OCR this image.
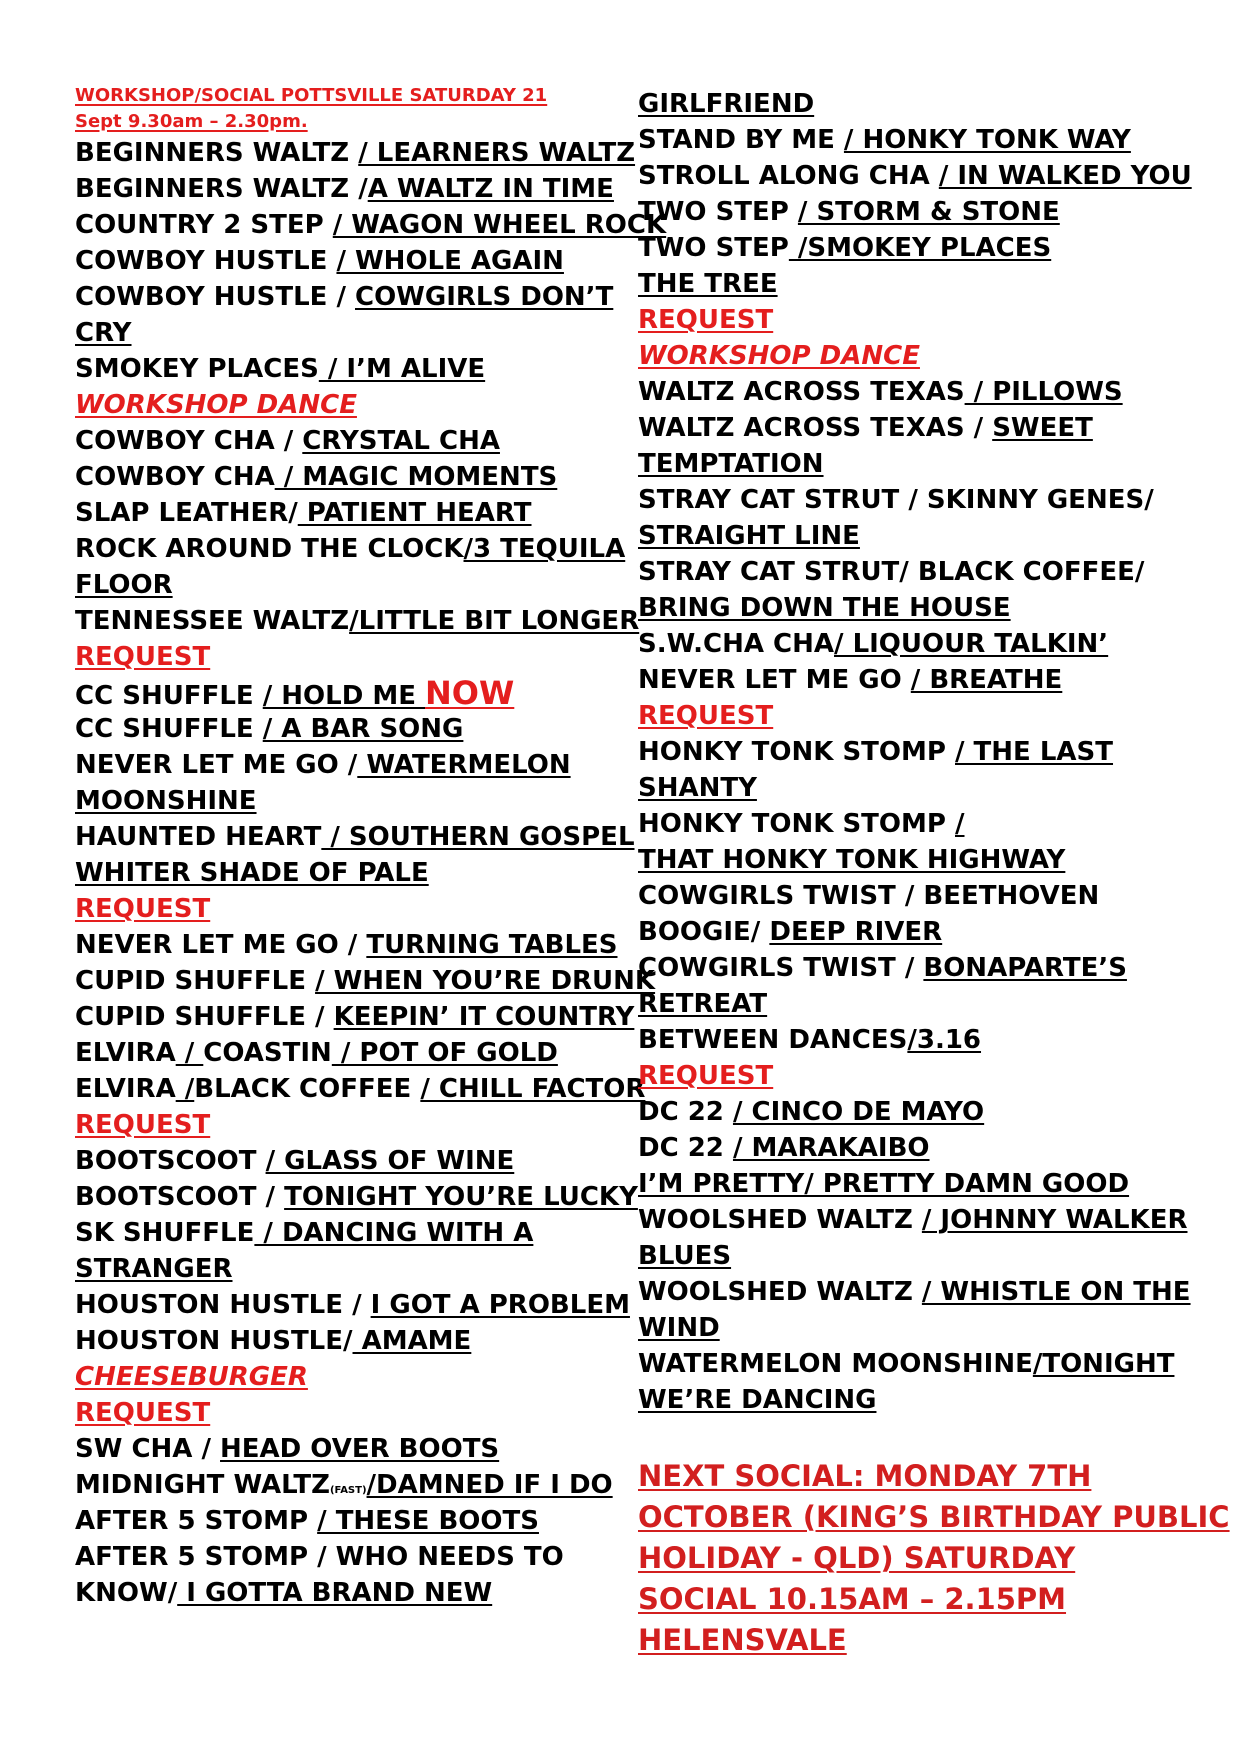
WORKSHOP/SOCIAL POTTSVILLE SATURDAY 21
Sept 9.30am – 2.30pm.
BEGINNERS WALTZ / LEARNERS WALTZ
BEGINNERS WALTZ /A WALTZ IN TIME
COUNTRY 2 STEP / WAGON WHEEL ROCK
COWBOY HUSTLE / WHOLE AGAIN
COWBOY HUSTLE / COWGIRLS DON’T
CRY
SMOKEY PLACES / I’M ALIVE
WORKSHOP DANCE
COWBOY CHA / CRYSTAL CHA
COWBOY CHA / MAGIC MOMENTS
SLAP LEATHER/ PATIENT HEART
ROCK AROUND THE CLOCK/3 TEQUILA
FLOOR
TENNESSEE WALTZ/LITTLE BIT LONGER
REQUEST
CC SHUFFLE / HOLD ME NOW
CC SHUFFLE / A BAR SONG
NEVER LET ME GO / WATERMELON
MOONSHINE
HAUNTED HEART / SOUTHERN GOSPEL
WHITER SHADE OF PALE
REQUEST
NEVER LET ME GO / TURNING TABLES
CUPID SHUFFLE / WHEN YOU’RE DRUNK
CUPID SHUFFLE / KEEPIN’ IT COUNTRY
ELVIRA / COASTIN / POT OF GOLD
ELVIRA /BLACK COFFEE / CHILL FACTOR
REQUEST
BOOTSCOOT / GLASS OF WINE
BOOTSCOOT / TONIGHT YOU’RE LUCKY
SK SHUFFLE / DANCING WITH A
STRANGER
HOUSTON HUSTLE / I GOT A PROBLEM
HOUSTON HUSTLE/ AMAME
CHEESEBURGER
REQUEST
SW CHA / HEAD OVER BOOTS
MIDNIGHT WALTZ(FAST)/DAMNED IF I DO
AFTER 5 STOMP / THESE BOOTS
AFTER 5 STOMP / WHO NEEDS TO
KNOW/ I GOTTA BRAND NEW
GIRLFRIEND
STAND BY ME / HONKY TONK WAY
STROLL ALONG CHA / IN WALKED YOU
TWO STEP / STORM & STONE
TWO STEP /SMOKEY PLACES
THE TREE
REQUEST
WORKSHOP DANCE
WALTZ ACROSS TEXAS / PILLOWS
WALTZ ACROSS TEXAS / SWEET
TEMPTATION
STRAY CAT STRUT / SKINNY GENES/
STRAIGHT LINE
STRAY CAT STRUT/ BLACK COFFEE/
BRING DOWN THE HOUSE
S.W.CHA CHA/ LIQUOUR TALKIN’
NEVER LET ME GO / BREATHE
REQUEST
HONKY TONK STOMP / THE LAST
SHANTY
HONKY TONK STOMP /
THAT HONKY TONK HIGHWAY
COWGIRLS TWIST / BEETHOVEN
BOOGIE/ DEEP RIVER
COWGIRLS TWIST / BONAPARTE’S
RETREAT
BETWEEN DANCES/3.16
REQUEST
DC 22 / CINCO DE MAYO
DC 22 / MARAKAIBO
I’M PRETTY/ PRETTY DAMN GOOD
WOOLSHED WALTZ / JOHNNY WALKER
BLUES
WOOLSHED WALTZ / WHISTLE ON THE
WIND
WATERMELON MOONSHINE/TONIGHT
WE’RE DANCING
NEXT SOCIAL: MONDAY 7TH
OCTOBER (KING’S BIRTHDAY PUBLIC
HOLIDAY - QLD) SATURDAY
SOCIAL 10.15AM – 2.15PM
HELENSVALE
